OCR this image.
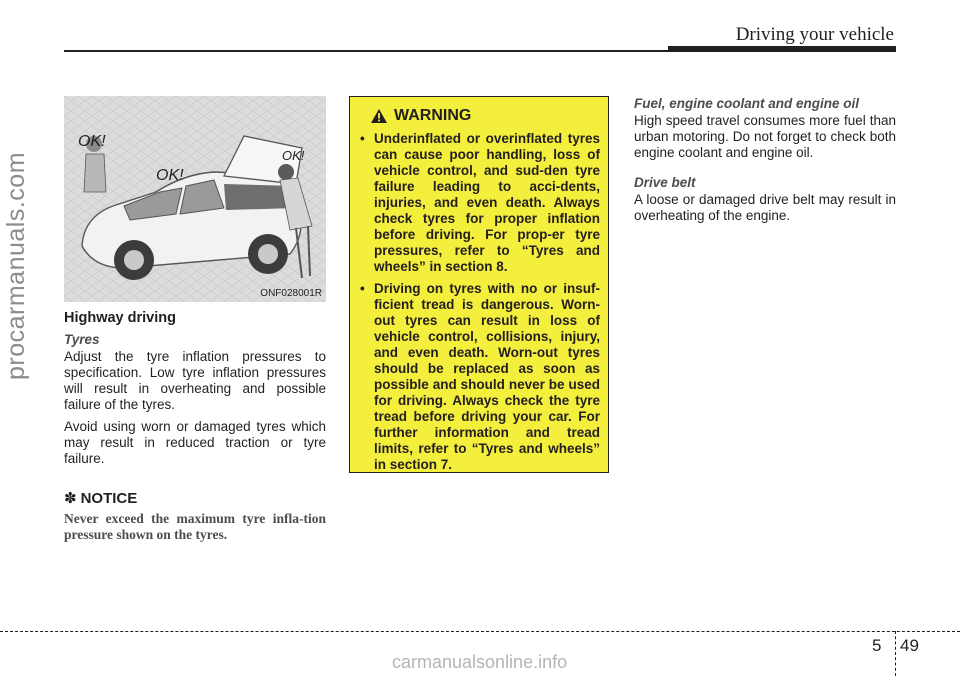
Driving your vehicle
procarmanuals.com
OK!
OK!
OK!
ONF028001R
Highway driving
Tyres

Adjust the tyre inflation pressures to specification. Low tyre inflation pressures will result in overheating and possible failure of the tyres.

Avoid using worn or damaged tyres which may result in reduced traction or tyre failure.

✽ NOTICE
Never exceed the maximum tyre infla-tion pressure shown on the tyres.
WARNING
• Underinflated or overinflated tyres can cause poor handling, loss of vehicle control, and sud-den tyre failure leading to acci-dents, injuries, and even death. Always check tyres for proper inflation before driving. For prop-er tyre pressures, refer to “Tyres and wheels” in section 8.
• Driving on tyres with no or insuf-ficient tread is dangerous. Worn-out tyres can result in loss of vehicle control, collisions, injury, and even death. Worn-out tyres should be replaced as soon as possible and should never be used for driving. Always check the tyre tread before driving your car. For further information and tread limits, refer to “Tyres and wheels” in section 7.
Fuel, engine coolant and engine oil

High speed travel consumes more fuel than urban motoring. Do not forget to check both engine coolant and engine oil.

Drive belt

A loose or damaged drive belt may result in overheating of the engine.

5 49
carmanualsonline.info
